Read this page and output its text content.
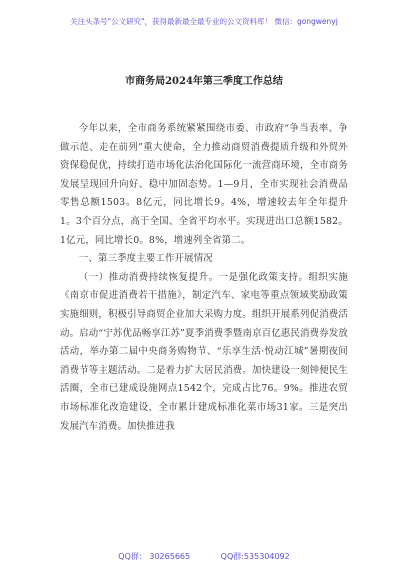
关注头条号"公文研究"，获得最新最全最专业的公文资料库！ 微信：gongwenyj
市商务局2024年第三季度工作总结

今年以来，全市商务系统紧紧围绕市委、市政府“争当表率、争做示范、走在前列”重大使命，全力推动商贸消费提质升级和外贸外资保稳促优，持续打造市场化法治化国际化一流营商环境，全市商务发展呈现回升向好、稳中加固态势。1—9月，全市实现社会消费品零售总额1503。8亿元，同比增长9。4%，增速较去年全年提升1。3个百分点，高于全国、全省平均水平。实现进出口总额1582。1亿元，同比增长0。8%，增速列全省第二。

一、第三季度主要工作开展情况

（一）推动消费持续恢复提升。一是强化政策支持。组织实施《南京市促进消费若干措施》，制定汽车、家电等重点领域奖励政策实施细则，积极引导商贸企业加大采购力度。组织开展系列促消费活动。启动“宁苏优品畅享江苏”夏季消费季暨南京百亿惠民消费券发放活动，举办第二届中央商务购物节、“乐享生活·悦动江城”暑期夜间消费节等主题活动。二是着力扩大居民消费。加快建设一刻钟便民生活圈，全市已建成设施网点1542个，完成占比76。9%。推进农贸市场标准化改造建设，全市累计建成标准化菜市场31家。三是突出发展汽车消费。加快推进我

QQ群： 30265665	QQ群:535304092
